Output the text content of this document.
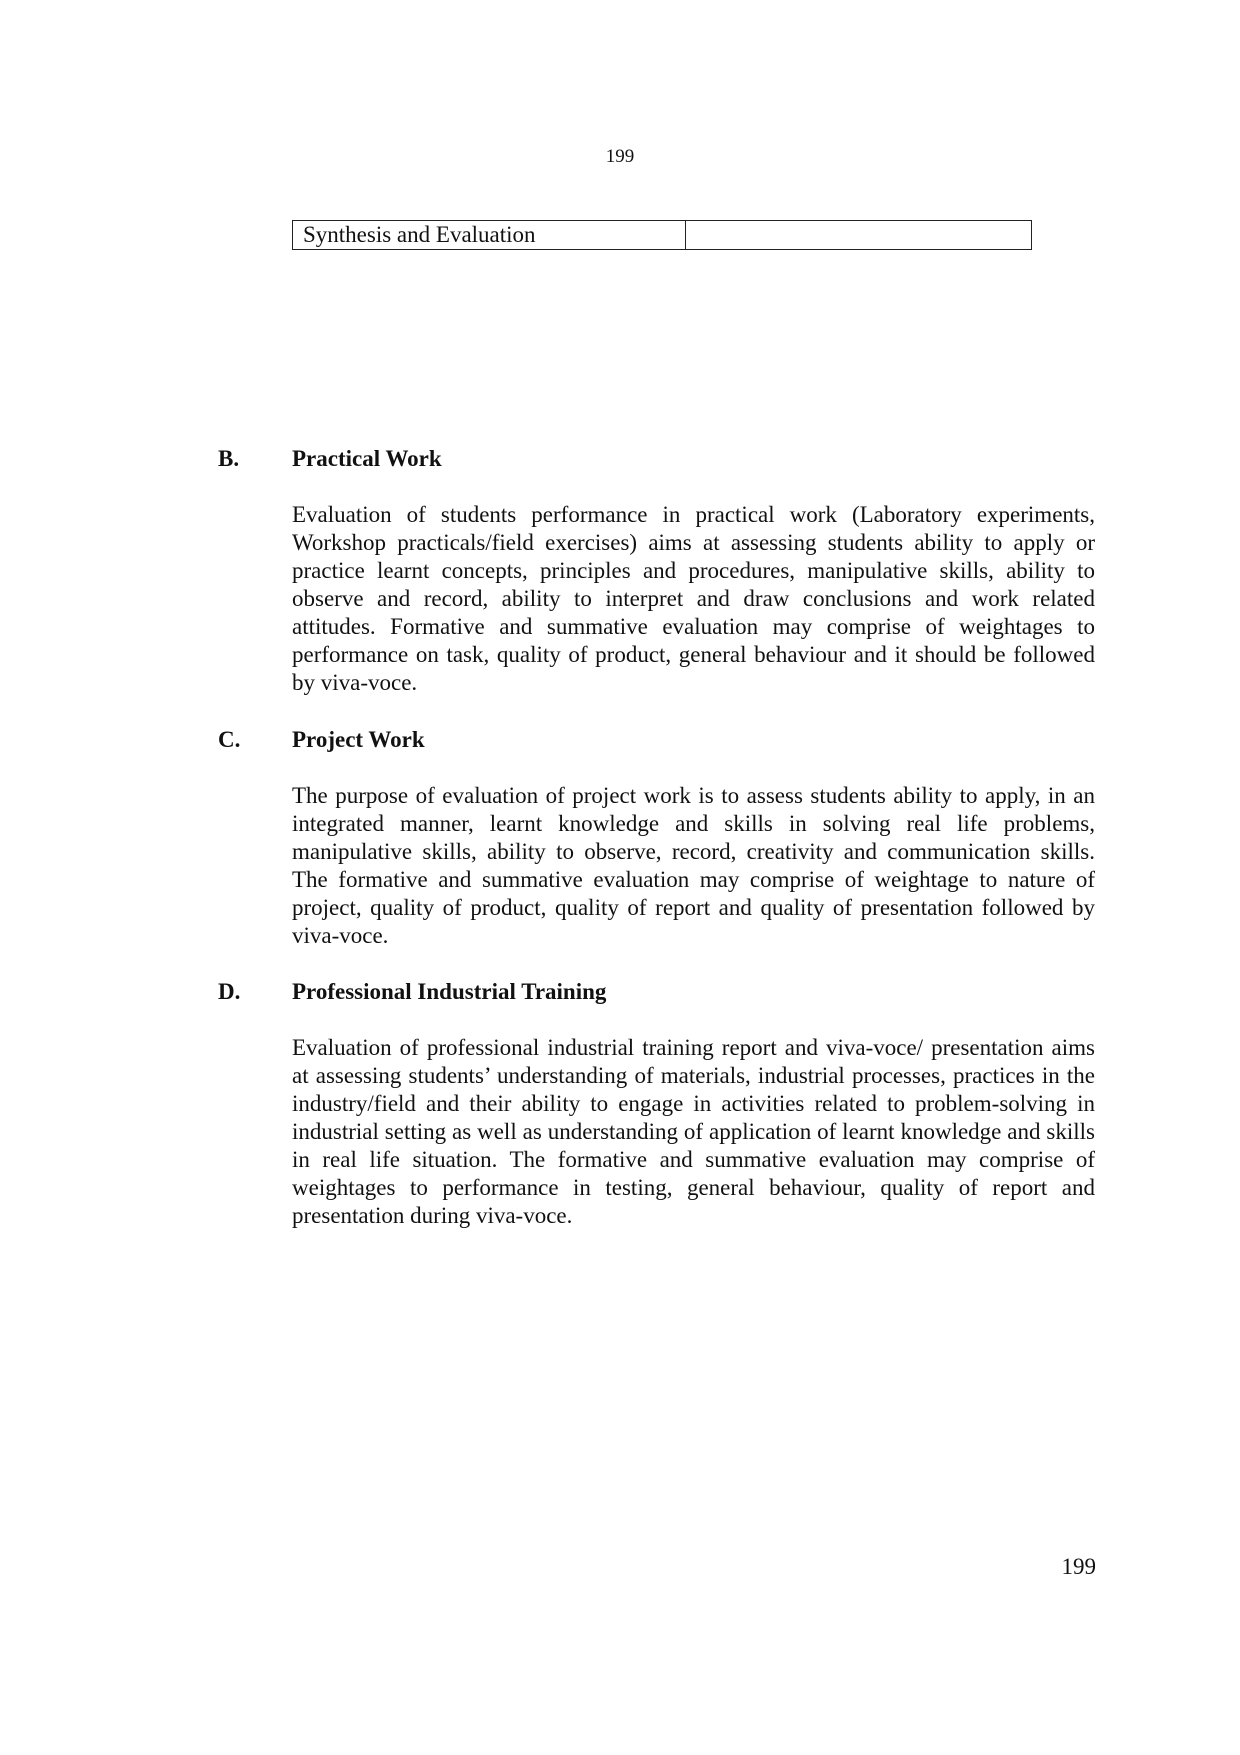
199
Synthesis and Evaluation	
B. Practical Work

Evaluation of students performance in practical work (Laboratory experiments, Workshop practicals/field exercises) aims at assessing students ability to apply or practice learnt concepts, principles and procedures, manipulative skills, ability to observe and record, ability to interpret and draw conclusions and work related attitudes. Formative and summative evaluation may comprise of weightages to performance on task, quality of product, general behaviour and it should be followed by viva-voce.

C. Project Work

The purpose of evaluation of project work is to assess students ability to apply, in an integrated manner, learnt knowledge and skills in solving real life problems, manipulative skills, ability to observe, record, creativity and communication skills. The formative and summative evaluation may comprise of weightage to nature of project, quality of product, quality of report and quality of presentation followed by viva-voce.

D. Professional Industrial Training

Evaluation of professional industrial training report and viva-voce/ presentation aims at assessing students’ understanding of materials, industrial processes, practices in the industry/field and their ability to engage in activities related to problem-solving in industrial setting as well as understanding of application of learnt knowledge and skills in real life situation. The formative and summative evaluation may comprise of weightages to performance in testing, general behaviour, quality of report and presentation during viva-voce.

199
